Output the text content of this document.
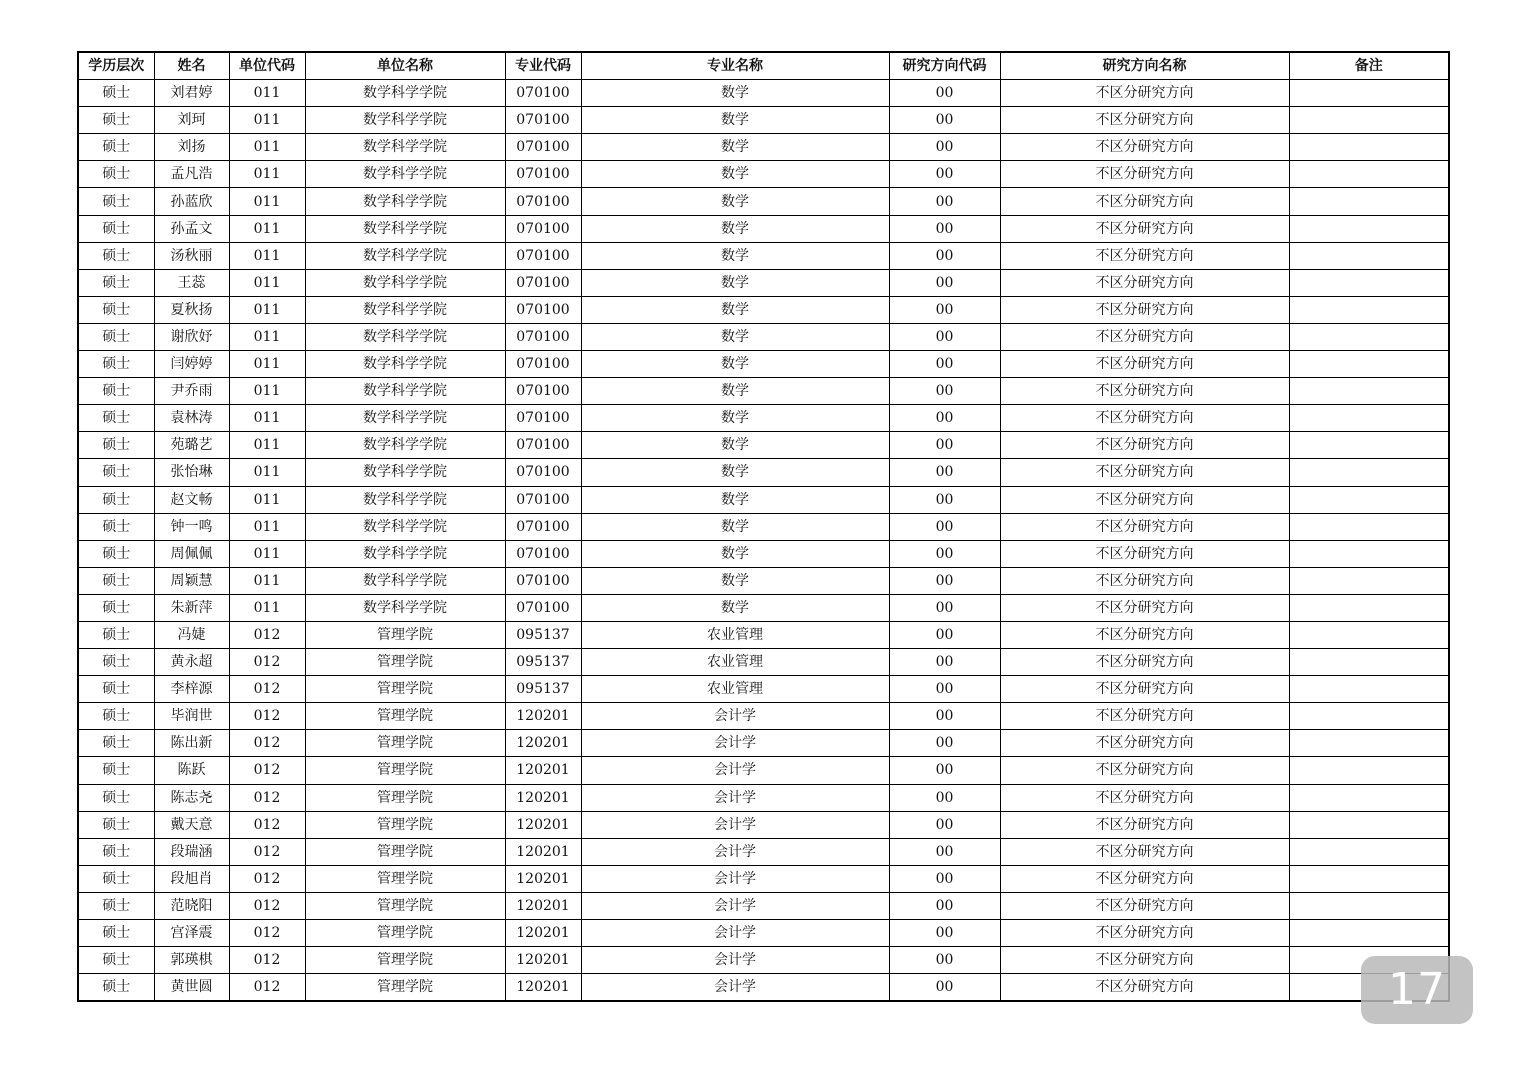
学历层次	姓名	单位代码	单位名称	专业代码	专业名称	研究方向代码	研究方向名称	备注
硕士	刘君婷	011	数学科学学院	070100	数学	00	不区分研究方向	
硕士	刘珂	011	数学科学学院	070100	数学	00	不区分研究方向	
硕士	刘扬	011	数学科学学院	070100	数学	00	不区分研究方向	
硕士	孟凡浩	011	数学科学学院	070100	数学	00	不区分研究方向	
硕士	孙蓝欣	011	数学科学学院	070100	数学	00	不区分研究方向	
硕士	孙孟文	011	数学科学学院	070100	数学	00	不区分研究方向	
硕士	汤秋丽	011	数学科学学院	070100	数学	00	不区分研究方向	
硕士	王蕊	011	数学科学学院	070100	数学	00	不区分研究方向	
硕士	夏秋扬	011	数学科学学院	070100	数学	00	不区分研究方向	
硕士	谢欣妤	011	数学科学学院	070100	数学	00	不区分研究方向	
硕士	闫婷婷	011	数学科学学院	070100	数学	00	不区分研究方向	
硕士	尹乔雨	011	数学科学学院	070100	数学	00	不区分研究方向	
硕士	袁林涛	011	数学科学学院	070100	数学	00	不区分研究方向	
硕士	苑璐艺	011	数学科学学院	070100	数学	00	不区分研究方向	
硕士	张怡琳	011	数学科学学院	070100	数学	00	不区分研究方向	
硕士	赵文畅	011	数学科学学院	070100	数学	00	不区分研究方向	
硕士	钟一鸣	011	数学科学学院	070100	数学	00	不区分研究方向	
硕士	周佩佩	011	数学科学学院	070100	数学	00	不区分研究方向	
硕士	周颖慧	011	数学科学学院	070100	数学	00	不区分研究方向	
硕士	朱新萍	011	数学科学学院	070100	数学	00	不区分研究方向	
硕士	冯婕	012	管理学院	095137	农业管理	00	不区分研究方向	
硕士	黄永超	012	管理学院	095137	农业管理	00	不区分研究方向	
硕士	李梓源	012	管理学院	095137	农业管理	00	不区分研究方向	
硕士	毕润世	012	管理学院	120201	会计学	00	不区分研究方向	
硕士	陈出新	012	管理学院	120201	会计学	00	不区分研究方向	
硕士	陈跃	012	管理学院	120201	会计学	00	不区分研究方向	
硕士	陈志尧	012	管理学院	120201	会计学	00	不区分研究方向	
硕士	戴天意	012	管理学院	120201	会计学	00	不区分研究方向	
硕士	段瑞涵	012	管理学院	120201	会计学	00	不区分研究方向	
硕士	段旭肖	012	管理学院	120201	会计学	00	不区分研究方向	
硕士	范晓阳	012	管理学院	120201	会计学	00	不区分研究方向	
硕士	宫泽震	012	管理学院	120201	会计学	00	不区分研究方向	
硕士	郭瑛棋	012	管理学院	120201	会计学	00	不区分研究方向	
硕士	黄世圆	012	管理学院	120201	会计学	00	不区分研究方向		17
